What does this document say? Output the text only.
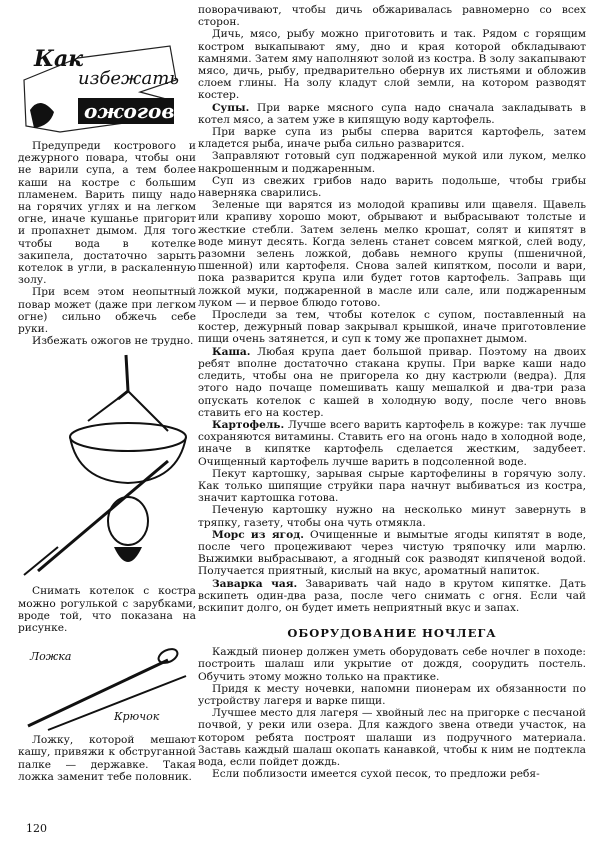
Как
избежать
ожогов

Предупреди кострового и дежурного повара, чтобы они не варили супа, а тем более каши на костре с большим пламенем. Варить пищу надо на горячих углях и на легком огне, иначе кушанье пригорит и пропахнет дымом. Для того чтобы вода в котелке закипела, достаточно зарыть котелок в угли, в раскаленную золу.

При всем этом неопытный повар может (даже при легком огне) сильно обжечь себе руки.

Избежать ожогов не трудно.

Снимать котелок с костра можно рогулькой с зарубками, вроде той, что показана на рисунке.

Ложка
Крючок

Ложку, которой мешают кашу, привяжи к обструганной палке — державке. Такая ложка заменит тебе половник.

поворачивают, чтобы дичь обжаривалась равномерно со всех сторон.

Дичь, мясо, рыбу можно приготовить и так. Рядом с горящим костром выкапывают яму, дно и края которой обкладывают камнями. Затем яму наполняют золой из костра. В золу закапывают мясо, дичь, рыбу, предварительно обернув их листьями и обложив слоем глины. На золу кладут слой земли, на котором разводят костер.

Супы. При варке мясного супа надо сначала закладывать в котел мясо, а затем уже в кипящую воду картофель.

При варке супа из рыбы сперва варится картофель, затем кладется рыба, иначе рыба сильно разварится.

Заправляют готовый суп поджаренной мукой или луком, мелко накрошенным и поджаренным.

Суп из свежих грибов надо варить подольше, чтобы грибы наверняка сварились.

Зеленые щи варятся из молодой крапивы или щавеля. Щавель или крапиву хорошо моют, обрывают и выбрасывают толстые и жесткие стебли. Затем зелень мелко крошат, солят и кипятят в воде минут десять. Когда зелень станет совсем мягкой, слей воду, разомни зелень ложкой, добавь немного крупы (пшеничной, пшенной) или картофеля. Снова залей кипятком, посоли и вари, пока разварится крупа или будет готов картофель. Заправь щи ложкой муки, поджаренной в масле или сале, или поджаренным луком — и первое блюдо готово.

Проследи за тем, чтобы котелок с супом, поставленный на костер, дежурный повар закрывал крышкой, иначе приготовление пищи очень затянется, и суп к тому же пропахнет дымом.

Каша. Любая крупа дает большой привар. Поэтому на двоих ребят вполне достаточно стакана крупы. При варке каши надо следить, чтобы она не пригорела ко дну кастрюли (ведра). Для этого надо почаще помешивать кашу мешалкой и два-три раза опускать котелок с кашей в холодную воду, после чего вновь ставить его на костер.

Картофель. Лучше всего варить картофель в кожуре: так лучше сохраняются витамины. Ставить его на огонь надо в холодной воде, иначе в кипятке картофель сделается жестким, задубеет. Очищенный картофель лучше варить в подсоленной воде.

Пекут картошку, зарывая сырые картофелины в горячую золу. Как только шипящие струйки пара начнут выбиваться из костра, значит картошка готова.

Печеную картошку нужно на несколько минут завернуть в тряпку, газету, чтобы она чуть отмякла.

Морс из ягод. Очищенные и вымытые ягоды кипятят в воде, после чего процеживают через чистую тряпочку или марлю. Выжимки выбрасывают, а ягодный сок разводят кипяченой водой. Получается приятный, кислый на вкус, ароматный напиток.

Заварка чая. Заваривать чай надо в крутом кипятке. Дать вскипеть один-два раза, после чего снимать с огня. Если чай вскипит долго, он будет иметь неприятный вкус и запах.

ОБОРУДОВАНИЕ НОЧЛЕГА

Каждый пионер должен уметь оборудовать себе ночлег в походе: построить шалаш или укрытие от дождя, соорудить постель. Обучить этому можно только на практике.

Придя к месту ночевки, напомни пионерам их обязанности по устройству лагеря и варке пищи.

Лучшее место для лагеря — хвойный лес на пригорке с песчаной почвой, у реки или озера. Для каждого звена отведи участок, на котором ребята построят шалаши из подручного материала. Заставь каждый шалаш окопать канавкой, чтобы к ним не подтекла вода, если пойдет дождь.

Если поблизости имеется сухой песок, то предложи ребя-

120
